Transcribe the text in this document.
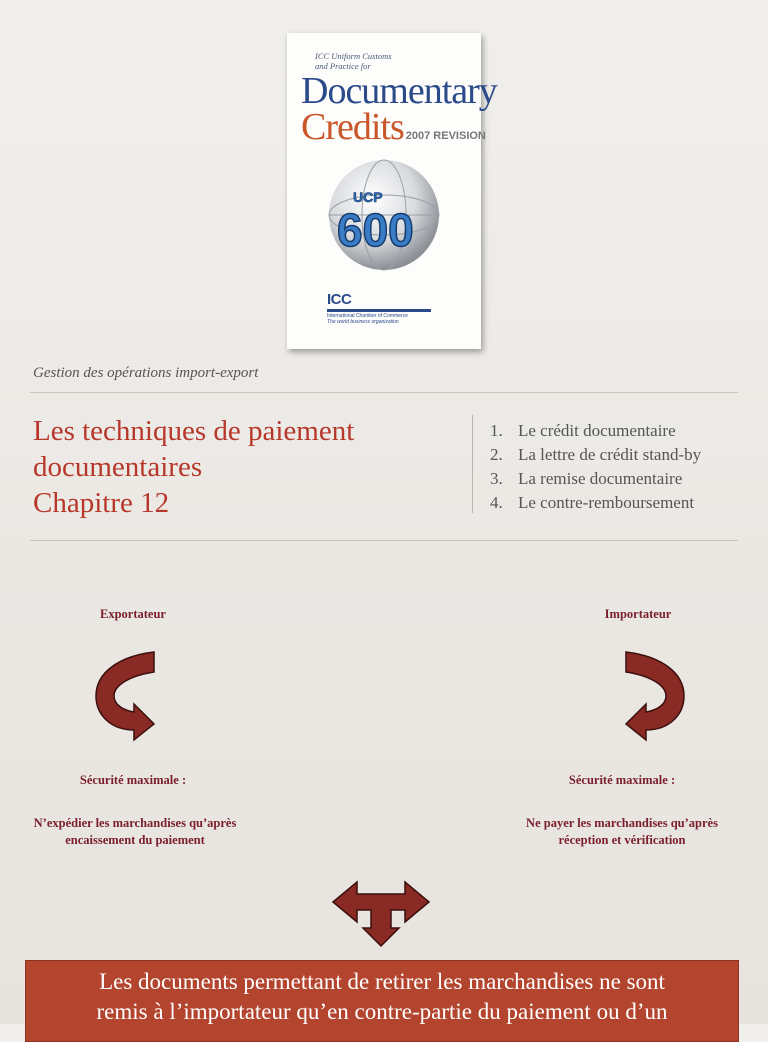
ICC Uniform Customs
and Practice for
Documentary
Credits 2007 REVISION
UCP
600
ICC
International Chamber of Commerce
The world business organization
Gestion des opérations import-export
Les techniques de paiement
documentaires
Chapitre 12
1. Le crédit documentaire
2. La lettre de crédit stand-by
3. La remise documentaire
4. Le contre-remboursement
Exportateur
Sécurité maximale :
N’expédier les marchandises qu’après
encaissement du paiement
Importateur
Sécurité maximale :
Ne payer les marchandises qu’après
réception et vérification
Les documents permettant de retirer les marchandises ne sont
remis à l’importateur qu’en contre-partie du paiement ou d’un
